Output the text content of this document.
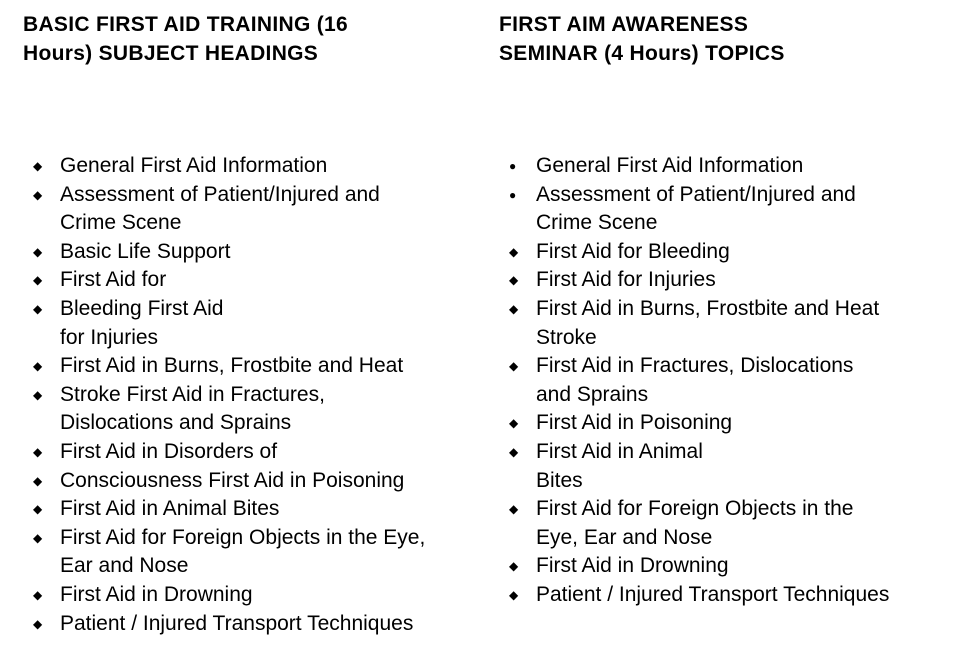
BASIC FIRST AID TRAINING (16
Hours) SUBJECT HEADINGS
◆ General First Aid Information
◆ Assessment of Patient/Injured and
Crime Scene
◆ Basic Life Support
◆ First Aid for
◆ Bleeding First Aid
for Injuries
◆ First Aid in Burns, Frostbite and Heat
◆ Stroke First Aid in Fractures,
Dislocations and Sprains
◆ First Aid in Disorders of
◆ Consciousness First Aid in Poisoning
◆ First Aid in Animal Bites
◆ First Aid for Foreign Objects in the Eye,
Ear and Nose
◆ First Aid in Drowning
◆ Patient / Injured Transport Techniques
FIRST AIM AWARENESS
SEMINAR (4 Hours) TOPICS
● General First Aid Information
● Assessment of Patient/Injured and
Crime Scene
◆ First Aid for Bleeding
◆ First Aid for Injuries
◆ First Aid in Burns, Frostbite and Heat
Stroke
◆ First Aid in Fractures, Dislocations
and Sprains
◆ First Aid in Poisoning
◆ First Aid in Animal
Bites
◆ First Aid for Foreign Objects in the
Eye, Ear and Nose
◆ First Aid in Drowning
◆ Patient / Injured Transport Techniques
